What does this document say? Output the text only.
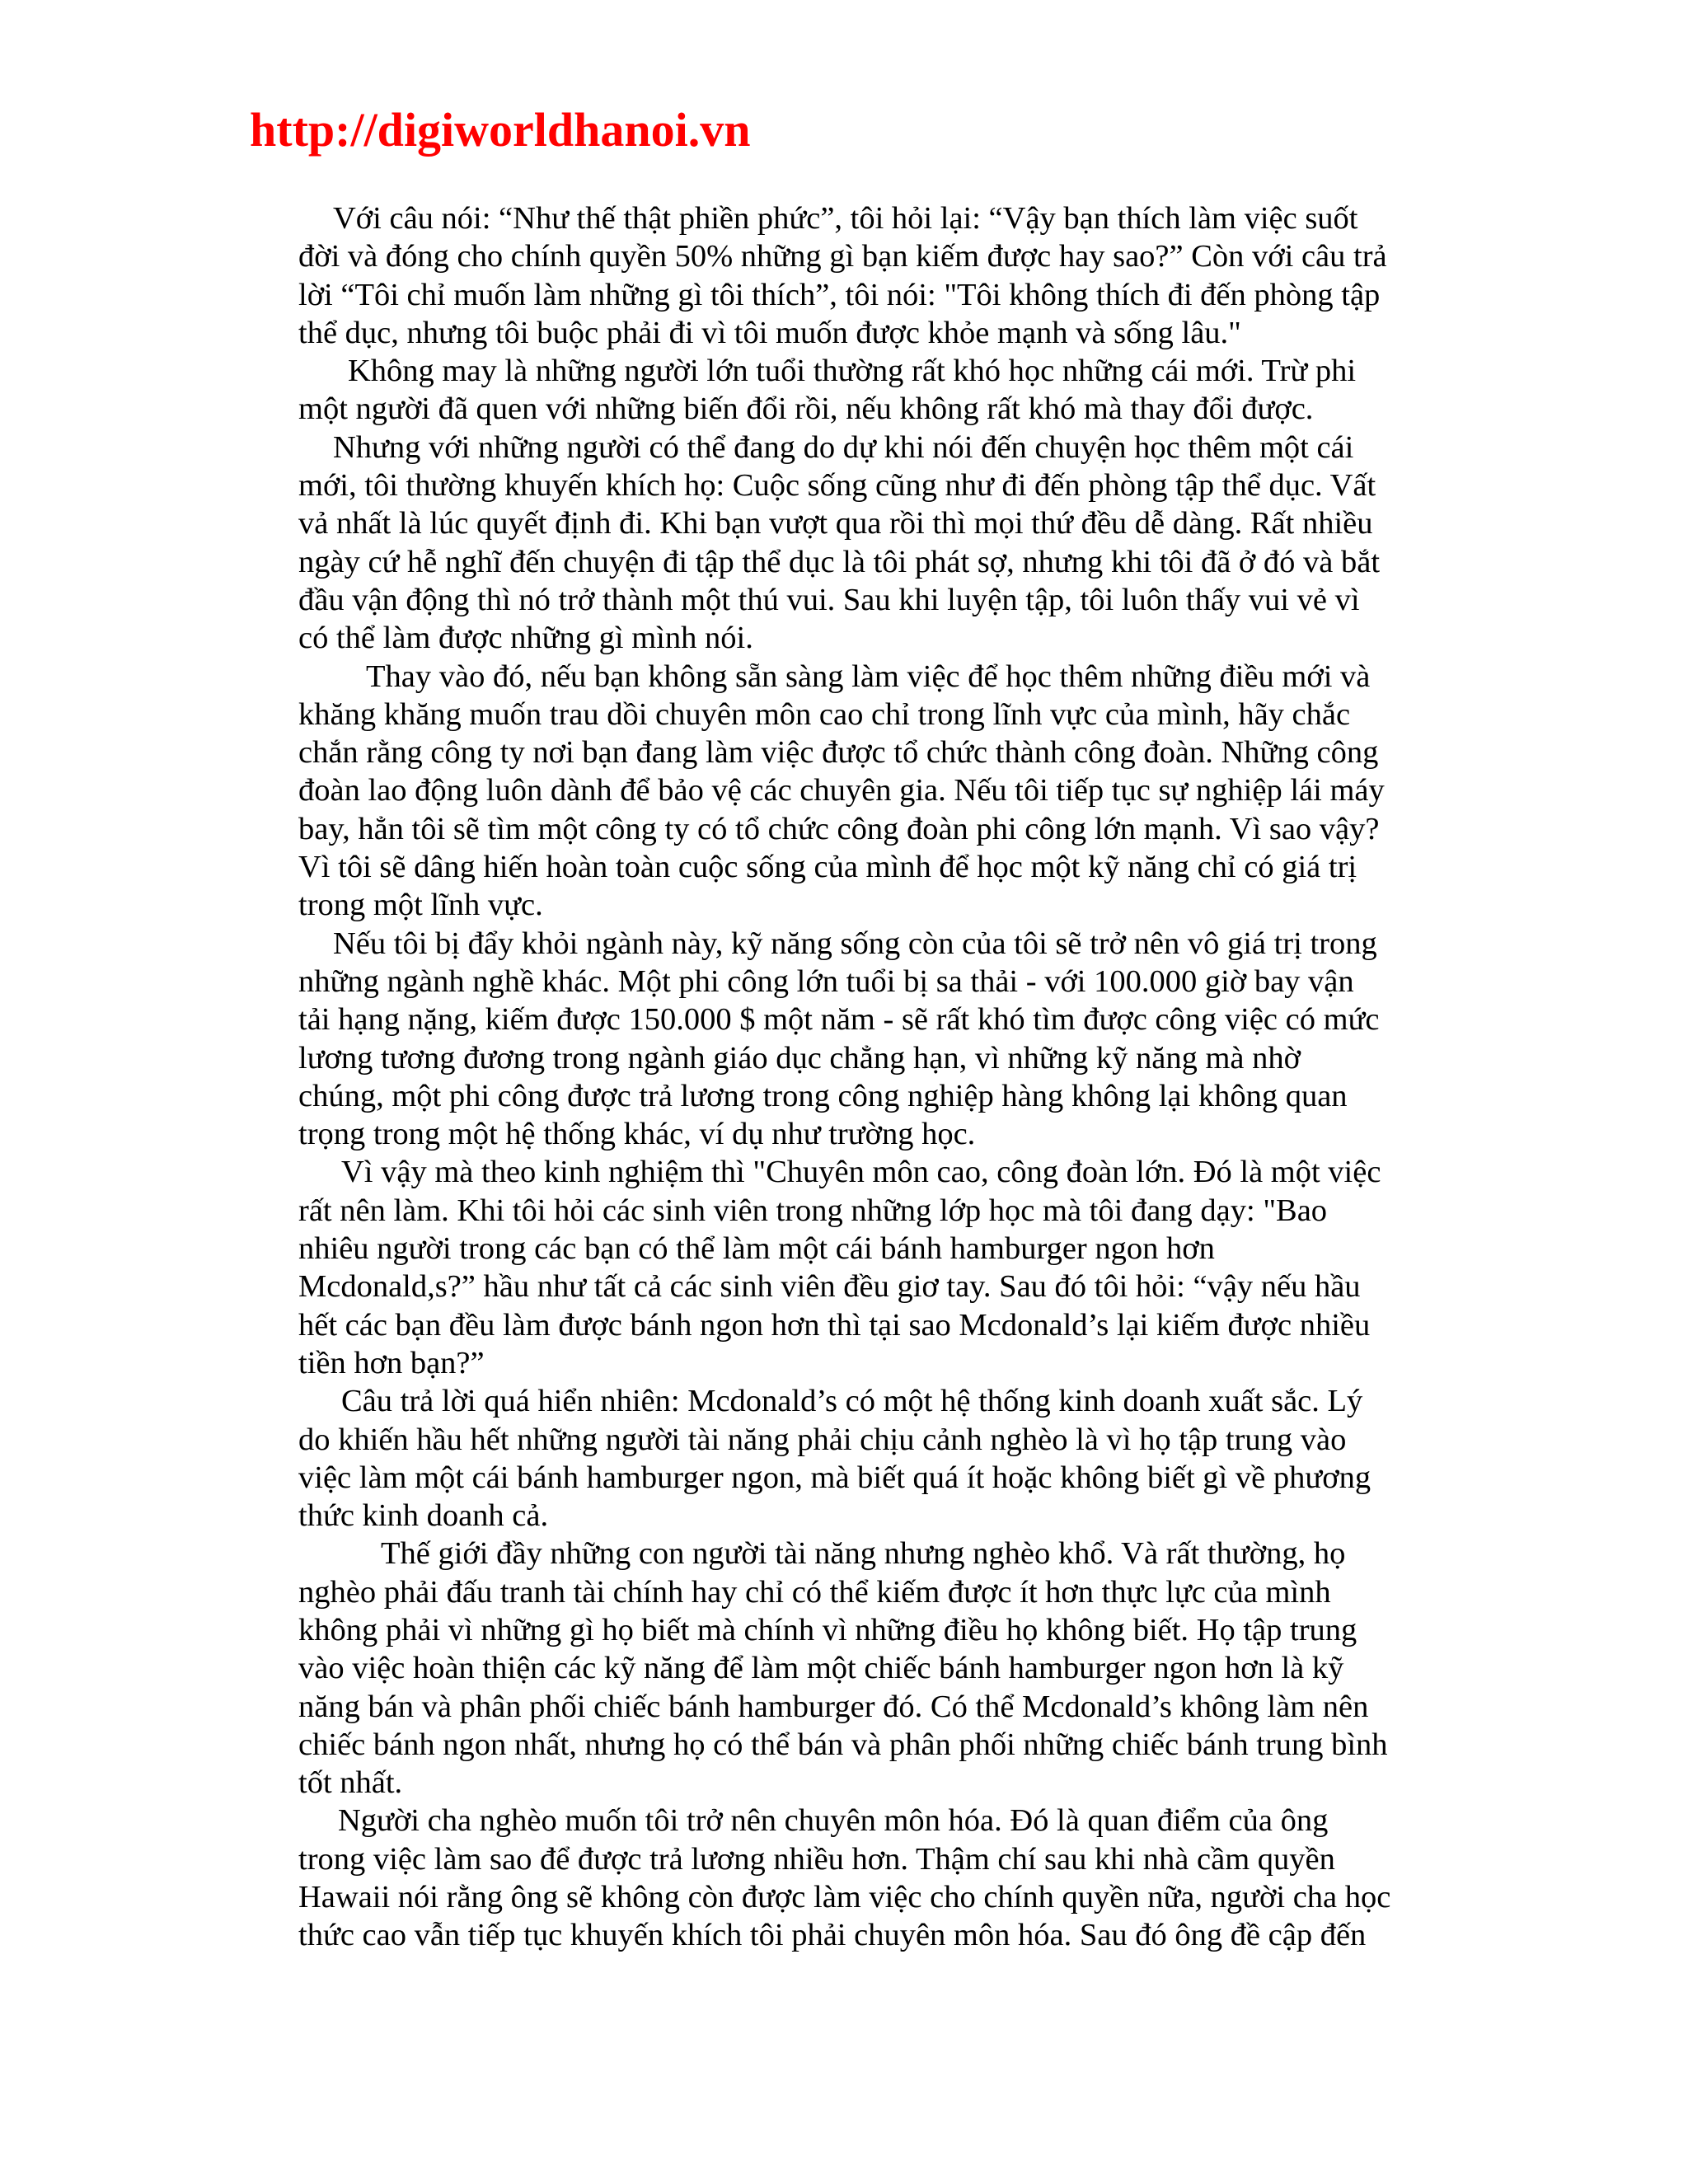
http://digiworldhanoi.vn
Với câu nói: “Như thế thật phiền phức”, tôi hỏi lại: “Vậy bạn thích làm việc suốt
đời và đóng cho chính quyền 50% những gì bạn kiếm được hay sao?” Còn với câu trả
lời “Tôi chỉ muốn làm những gì tôi thích”, tôi nói: "Tôi không thích đi đến phòng tập
thể dục, nhưng tôi buộc phải đi vì tôi muốn được khỏe mạnh và sống lâu."
Không may là những người lớn tuổi thường rất khó học những cái mới. Trừ phi
một người đã quen với những biến đổi rồi, nếu không rất khó mà thay đổi được.
Nhưng với những người có thể đang do dự khi nói đến chuyện học thêm một cái
mới, tôi thường khuyến khích họ: Cuộc sống cũng như đi đến phòng tập thể dục. Vất
vả nhất là lúc quyết định đi. Khi bạn vượt qua rồi thì mọi thứ đều dễ dàng. Rất nhiều
ngày cứ hễ nghĩ đến chuyện đi tập thể dục là tôi phát sợ, nhưng khi tôi đã ở đó và bắt
đầu vận động thì nó trở thành một thú vui. Sau khi luyện tập, tôi luôn thấy vui vẻ vì
có thể làm được những gì mình nói.
Thay vào đó, nếu bạn không sẵn sàng làm việc để học thêm những điều mới và
khăng khăng muốn trau dồi chuyên môn cao chỉ trong lĩnh vực của mình, hãy chắc
chắn rằng công ty nơi bạn đang làm việc được tổ chức thành công đoàn. Những công
đoàn lao động luôn dành để bảo vệ các chuyên gia. Nếu tôi tiếp tục sự nghiệp lái máy
bay, hẳn tôi sẽ tìm một công ty có tổ chức công đoàn phi công lớn mạnh. Vì sao vậy?
Vì tôi sẽ dâng hiến hoàn toàn cuộc sống của mình để học một kỹ năng chỉ có giá trị
trong một lĩnh vực.
Nếu tôi bị đẩy khỏi ngành này, kỹ năng sống còn của tôi sẽ trở nên vô giá trị trong
những ngành nghề khác. Một phi công lớn tuổi bị sa thải - với 100.000 giờ bay vận
tải hạng nặng, kiếm được 150.000 $ một năm - sẽ rất khó tìm được công việc có mức
lương tương đương trong ngành giáo dục chẳng hạn, vì những kỹ năng mà nhờ
chúng, một phi công được trả lương trong công nghiệp hàng không lại không quan
trọng trong một hệ thống khác, ví dụ như trường học.
Vì vậy mà theo kinh nghiệm thì "Chuyên môn cao, công đoàn lớn. Đó là một việc
rất nên làm. Khi tôi hỏi các sinh viên trong những lớp học mà tôi đang dạy: "Bao
nhiêu người trong các bạn có thể làm một cái bánh hamburger ngon hơn
Mcdonald,s?” hầu như tất cả các sinh viên đều giơ tay. Sau đó tôi hỏi: “vậy nếu hầu
hết các bạn đều làm được bánh ngon hơn thì tại sao Mcdonald’s lại kiếm được nhiều
tiền hơn bạn?”
Câu trả lời quá hiển nhiên: Mcdonald’s có một hệ thống kinh doanh xuất sắc. Lý
do khiến hầu hết những người tài năng phải chịu cảnh nghèo là vì họ tập trung vào
việc làm một cái bánh hamburger ngon, mà biết quá ít hoặc không biết gì về phương
thức kinh doanh cả.
Thế giới đầy những con người tài năng nhưng nghèo khổ. Và rất thường, họ
nghèo phải đấu tranh tài chính hay chỉ có thể kiếm được ít hơn thực lực của mình
không phải vì những gì họ biết mà chính vì những điều họ không biết. Họ tập trung
vào việc hoàn thiện các kỹ năng để làm một chiếc bánh hamburger ngon hơn là kỹ
năng bán và phân phối chiếc bánh hamburger đó. Có thể Mcdonald’s không làm nên
chiếc bánh ngon nhất, nhưng họ có thể bán và phân phối những chiếc bánh trung bình
tốt nhất.
Người cha nghèo muốn tôi trở nên chuyên môn hóa. Đó là quan điểm của ông
trong việc làm sao để được trả lương nhiều hơn. Thậm chí sau khi nhà cầm quyền
Hawaii nói rằng ông sẽ không còn được làm việc cho chính quyền nữa, người cha học
thức cao vẫn tiếp tục khuyến khích tôi phải chuyên môn hóa. Sau đó ông đề cập đến
